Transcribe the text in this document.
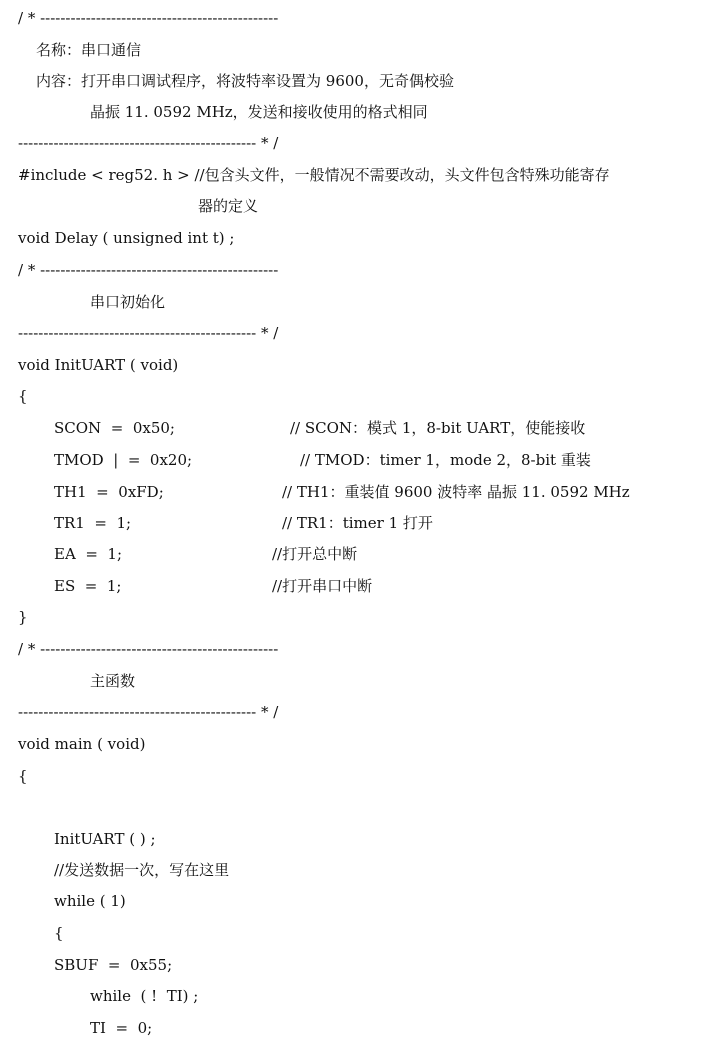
/ * -----------------------------------------------
名称：串口通信
内容：打开串口调试程序，将波特率设置为 9600，无奇偶校验
晶振 11. 0592 MHz，发送和接收使用的格式相同
----------------------------------------------- * /
#include < reg52. h > //包含头文件，一般情况不需要改动，头文件包含特殊功能寄存
器的定义
void Delay ( unsigned int t) ;
/ * -----------------------------------------------
串口初始化
----------------------------------------------- * /
void InitUART ( void)
{
SCON  =  0x50;	// SCON：模式 1，8-bit UART，使能接收
TMOD  |  =  0x20;	// TMOD：timer 1，mode 2，8-bit 重装
TH1  =  0xFD;	// TH1：重装值 9600 波特率 晶振 11. 0592 MHz
TR1  =  1;	// TR1：timer 1 打开
EA  =  1;	//打开总中断
ES  =  1;	//打开串口中断
}
/ * -----------------------------------------------
主函数
----------------------------------------------- * /
void main ( void)
{
InitUART ( ) ;
//发送数据一次，写在这里
while ( 1)
{
SBUF  =  0x55;
while  ( !  TI) ;
TI  =  0;
